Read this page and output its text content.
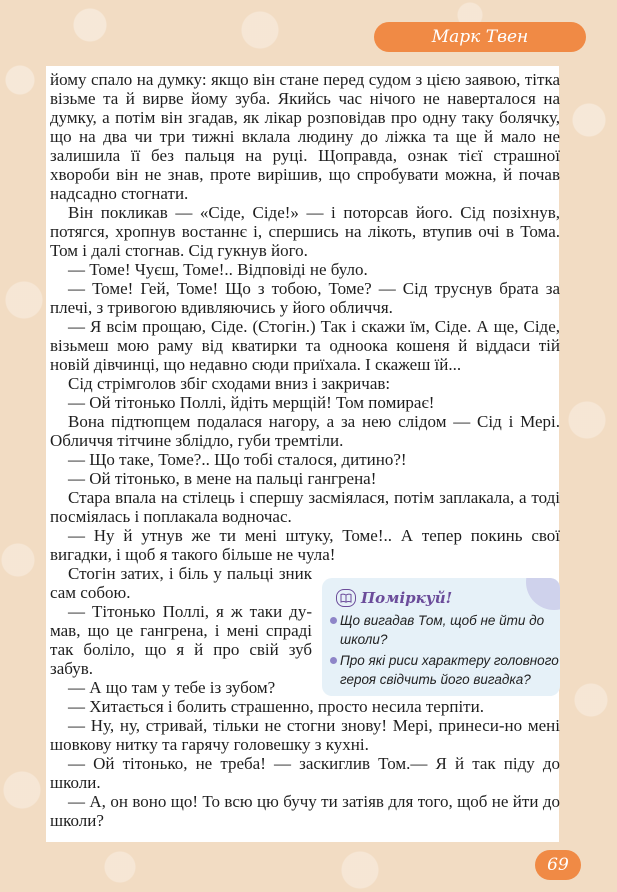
Марк Твен

йому спало на думку: якщо він стане перед судом з цією заявою, тітка візьме та й вирве йому зуба. Якийсь час нічого не наверталося на думку, а потім він згадав, як лікар розповідав про одну таку болячку, що на два чи три тижні вклала людину до ліжка та ще й мало не залишила її без пальця на руці. Щоправда, ознак тієї страшної хвороби він не знав, проте вирішив, що спробувати можна, й почав надсадно стогнати.

Він покликав — «Сіде, Сіде!» — і поторсав його. Сід позіхнув, потягся, хропнув востаннє і, спершись на лікоть, втупив очі в Тома. Том і далі стогнав. Сід гукнув його.

— Томе! Чуєш, Томе!.. Відповіді не було.

— Томе! Гей, Томе! Що з тобою, Томе? — Сід труснув брата за плечі, з тривогою вдивляючись у його обличчя.

— Я всім прощаю, Сіде. (Стогін.) Так і скажи їм, Сіде. А ще, Сіде, візьмеш мою раму від кватирки та одноока кошеня й віддаси тій новій дівчинці, що недавно сюди приїхала. І скажеш їй...

Сід стрімголов збіг сходами вниз і закричав:

— Ой тітонько Поллі, йдіть мерщій! Том помирає!

Вона підтюпцем подалася нагору, а за нею слідом — Сід і Мері. Обличчя тітчине зблідло, губи тремтіли.

— Що таке, Томе?.. Що тобі сталося, дитино?!

— Ой тітонько, в мене на пальці гангрена!

Стара впала на стілець і спершу засміялася, потім заплакала, а тоді посміялась і поплакала водночас.

— Ну й утнув же ти мені штуку, Томе!.. А тепер покинь свої вигадки, і щоб я такого більше не чула!

Стогін затих, і біль у пальці зник сам собою.

— Тітонько Поллі, я ж таки думав, що це гангрена, і мені спраді так боліло, що я й про свій зуб забув.

— А що там у тебе із зубом?

— Хитається і болить страшенно, просто несила терпіти.

— Ну, ну, стривай, тільки не стогни знову! Мері, принеси-но мені шовкову нитку та гарячу головешку з кухні.

— Ой тітонько, не треба! — заскиглив Том.— Я й так піду до школи.

— А, он воно що! То всю цю бучу ти затіяв для того, щоб не йти до школи?

Поміркуй!
Що вигадав Том, щоб не йти до школи?
Про які риси характеру головного героя свідчить його вигадка?
69
